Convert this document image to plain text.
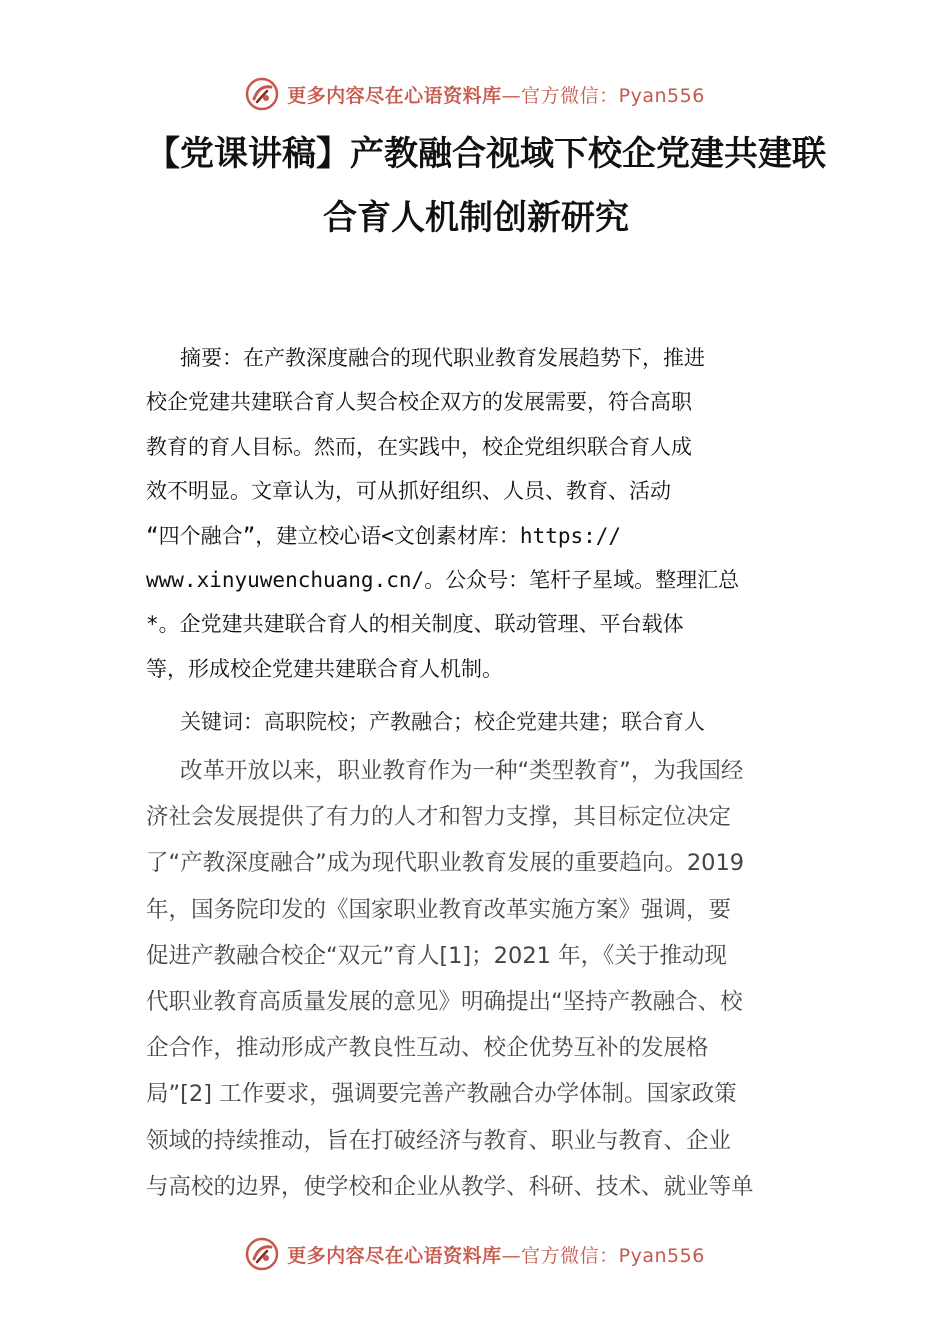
更多内容尽在心语资料库—官方微信：Pyan556
【党课讲稿】产教融合视域下校企党建共建联
合育人机制创新研究
摘要：在产教深度融合的现代职业教育发展趋势下，推进
校企党建共建联合育人契合校企双方的发展需要，符合高职
教育的育人目标。然而，在实践中，校企党组织联合育人成
效不明显。文章认为，可从抓好组织、人员、教育、活动
“四个融合”，建立校心语<文创素材库：https://
www.xinyuwenchuang.cn/。公众号：笔杆子星域。整理汇总
*。企党建共建联合育人的相关制度、联动管理、平台载体
等，形成校企党建共建联合育人机制。
关键词：高职院校；产教融合；校企党建共建；联合育人
改革开放以来，职业教育作为一种“类型教育”，为我国经
济社会发展提供了有力的人才和智力支撑，其目标定位决定
了“产教深度融合”成为现代职业教育发展的重要趋向。2019
年，国务院印发的《国家职业教育改革实施方案》强调，要
促进产教融合校企“双元”育人[1]；2021 年，《关于推动现
代职业教育高质量发展的意见》明确提出“坚持产教融合、校
企合作，推动形成产教良性互动、校企优势互补的发展格
局”[2] 工作要求，强调要完善产教融合办学体制。国家政策
领域的持续推动，旨在打破经济与教育、职业与教育、企业
与高校的边界，使学校和企业从教学、科研、技术、就业等单
更多内容尽在心语资料库—官方微信：Pyan556
